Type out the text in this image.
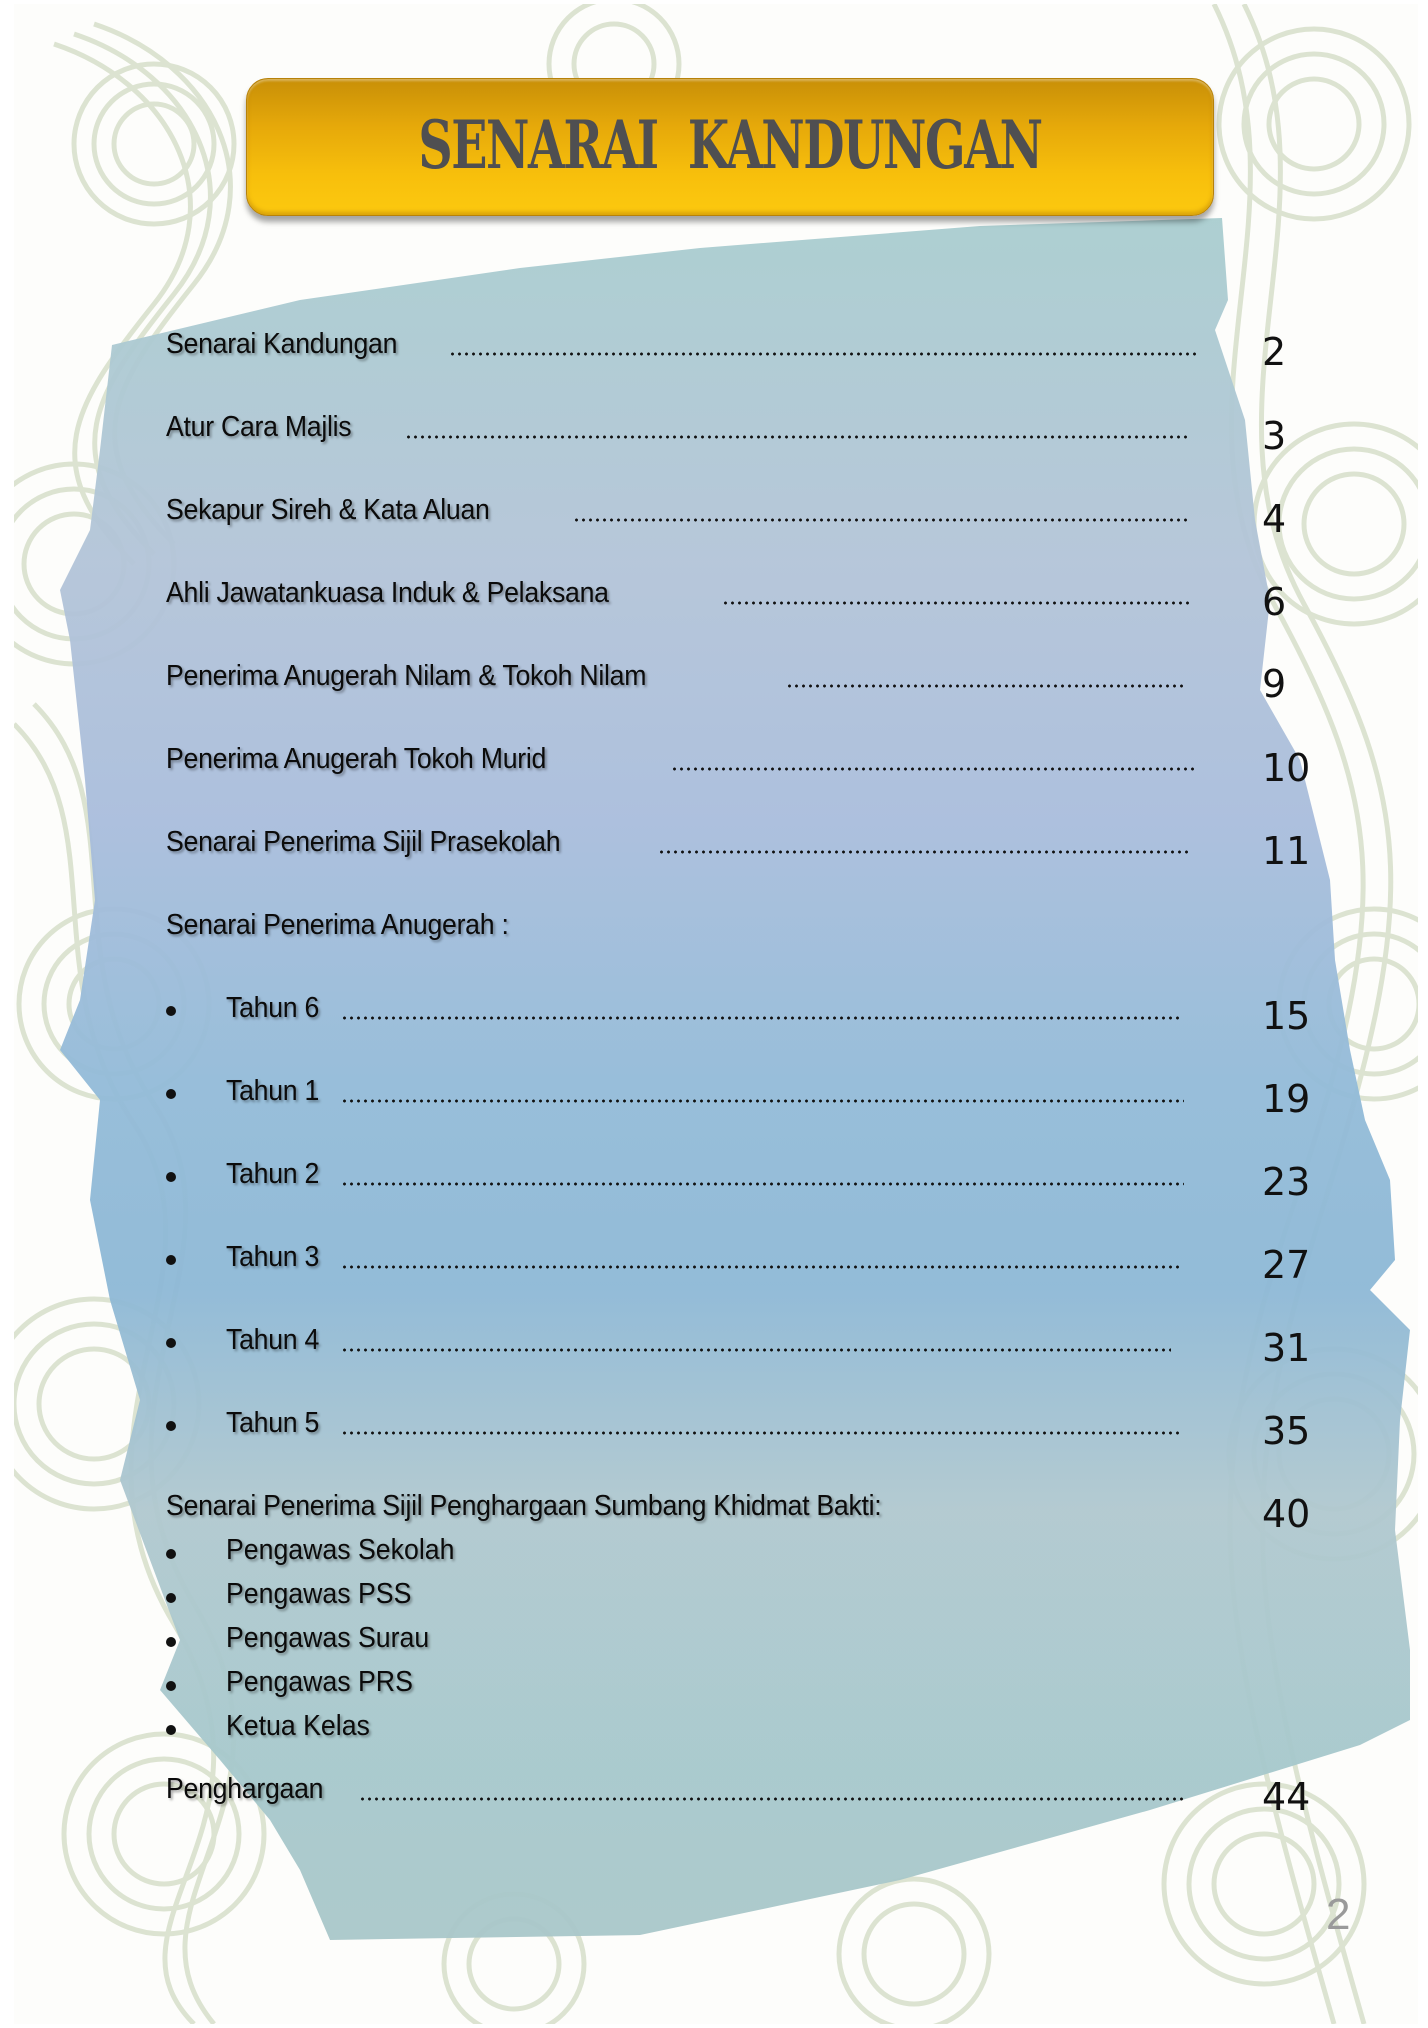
SENARAI  KANDUNGAN
Senarai Kandungan	2
Atur Cara Majlis	3
Sekapur Sireh & Kata Aluan	4
Ahli Jawatankuasa Induk & Pelaksana	6
Penerima Anugerah Nilam & Tokoh Nilam	9
Penerima Anugerah Tokoh Murid	10
Senarai Penerima Sijil Prasekolah	11
Senarai Penerima Anugerah :
Tahun 6	15
Tahun 1	19
Tahun 2	23
Tahun 3	27
Tahun 4	31
Tahun 5	35
Senarai Penerima Sijil Penghargaan Sumbang Khidmat Bakti:	40
Pengawas Sekolah
Pengawas PSS
Pengawas Surau
Pengawas PRS
Ketua Kelas
Penghargaan	44
2
